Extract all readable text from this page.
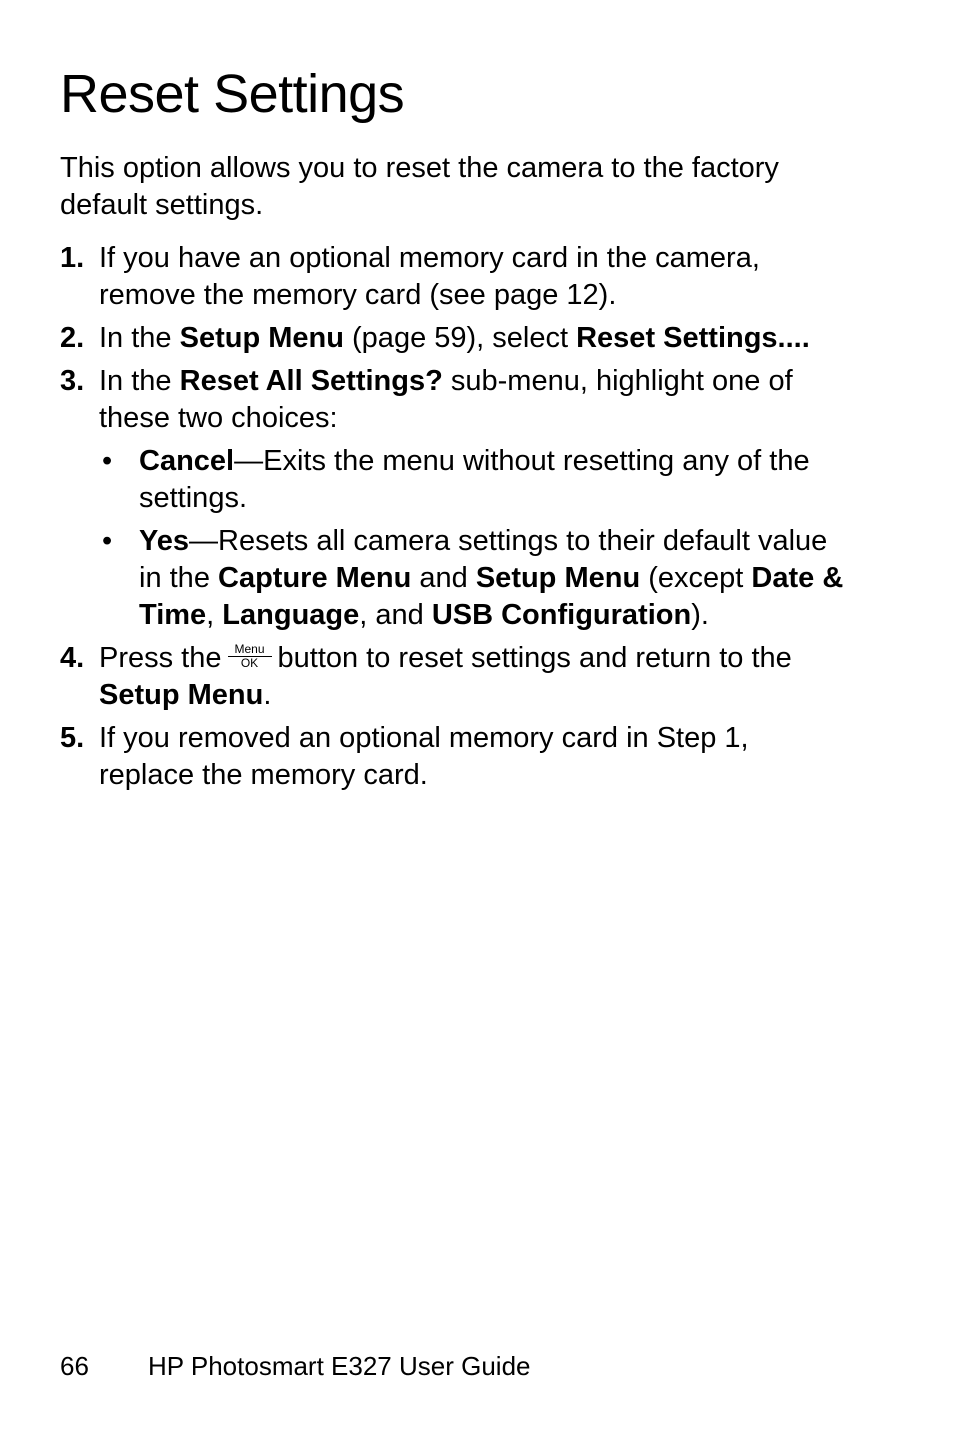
Reset Settings

This option allows you to reset the camera to the factory default settings.

1. If you have an optional memory card in the camera, remove the memory card (see page 12).
2. In the Setup Menu (page 59), select Reset Settings....
3. In the Reset All Settings? sub-menu, highlight one of these two choices:
• Cancel—Exits the menu without resetting any of the settings.
• Yes—Resets all camera settings to their default value in the Capture Menu and Setup Menu (except Date & Time, Language, and USB Configuration).
4. Press the	Menu
OK button to reset settings and return to the Setup Menu.
5. If you removed an optional memory card in Step 1, replace the memory card.
66 HP Photosmart E327 User Guide
